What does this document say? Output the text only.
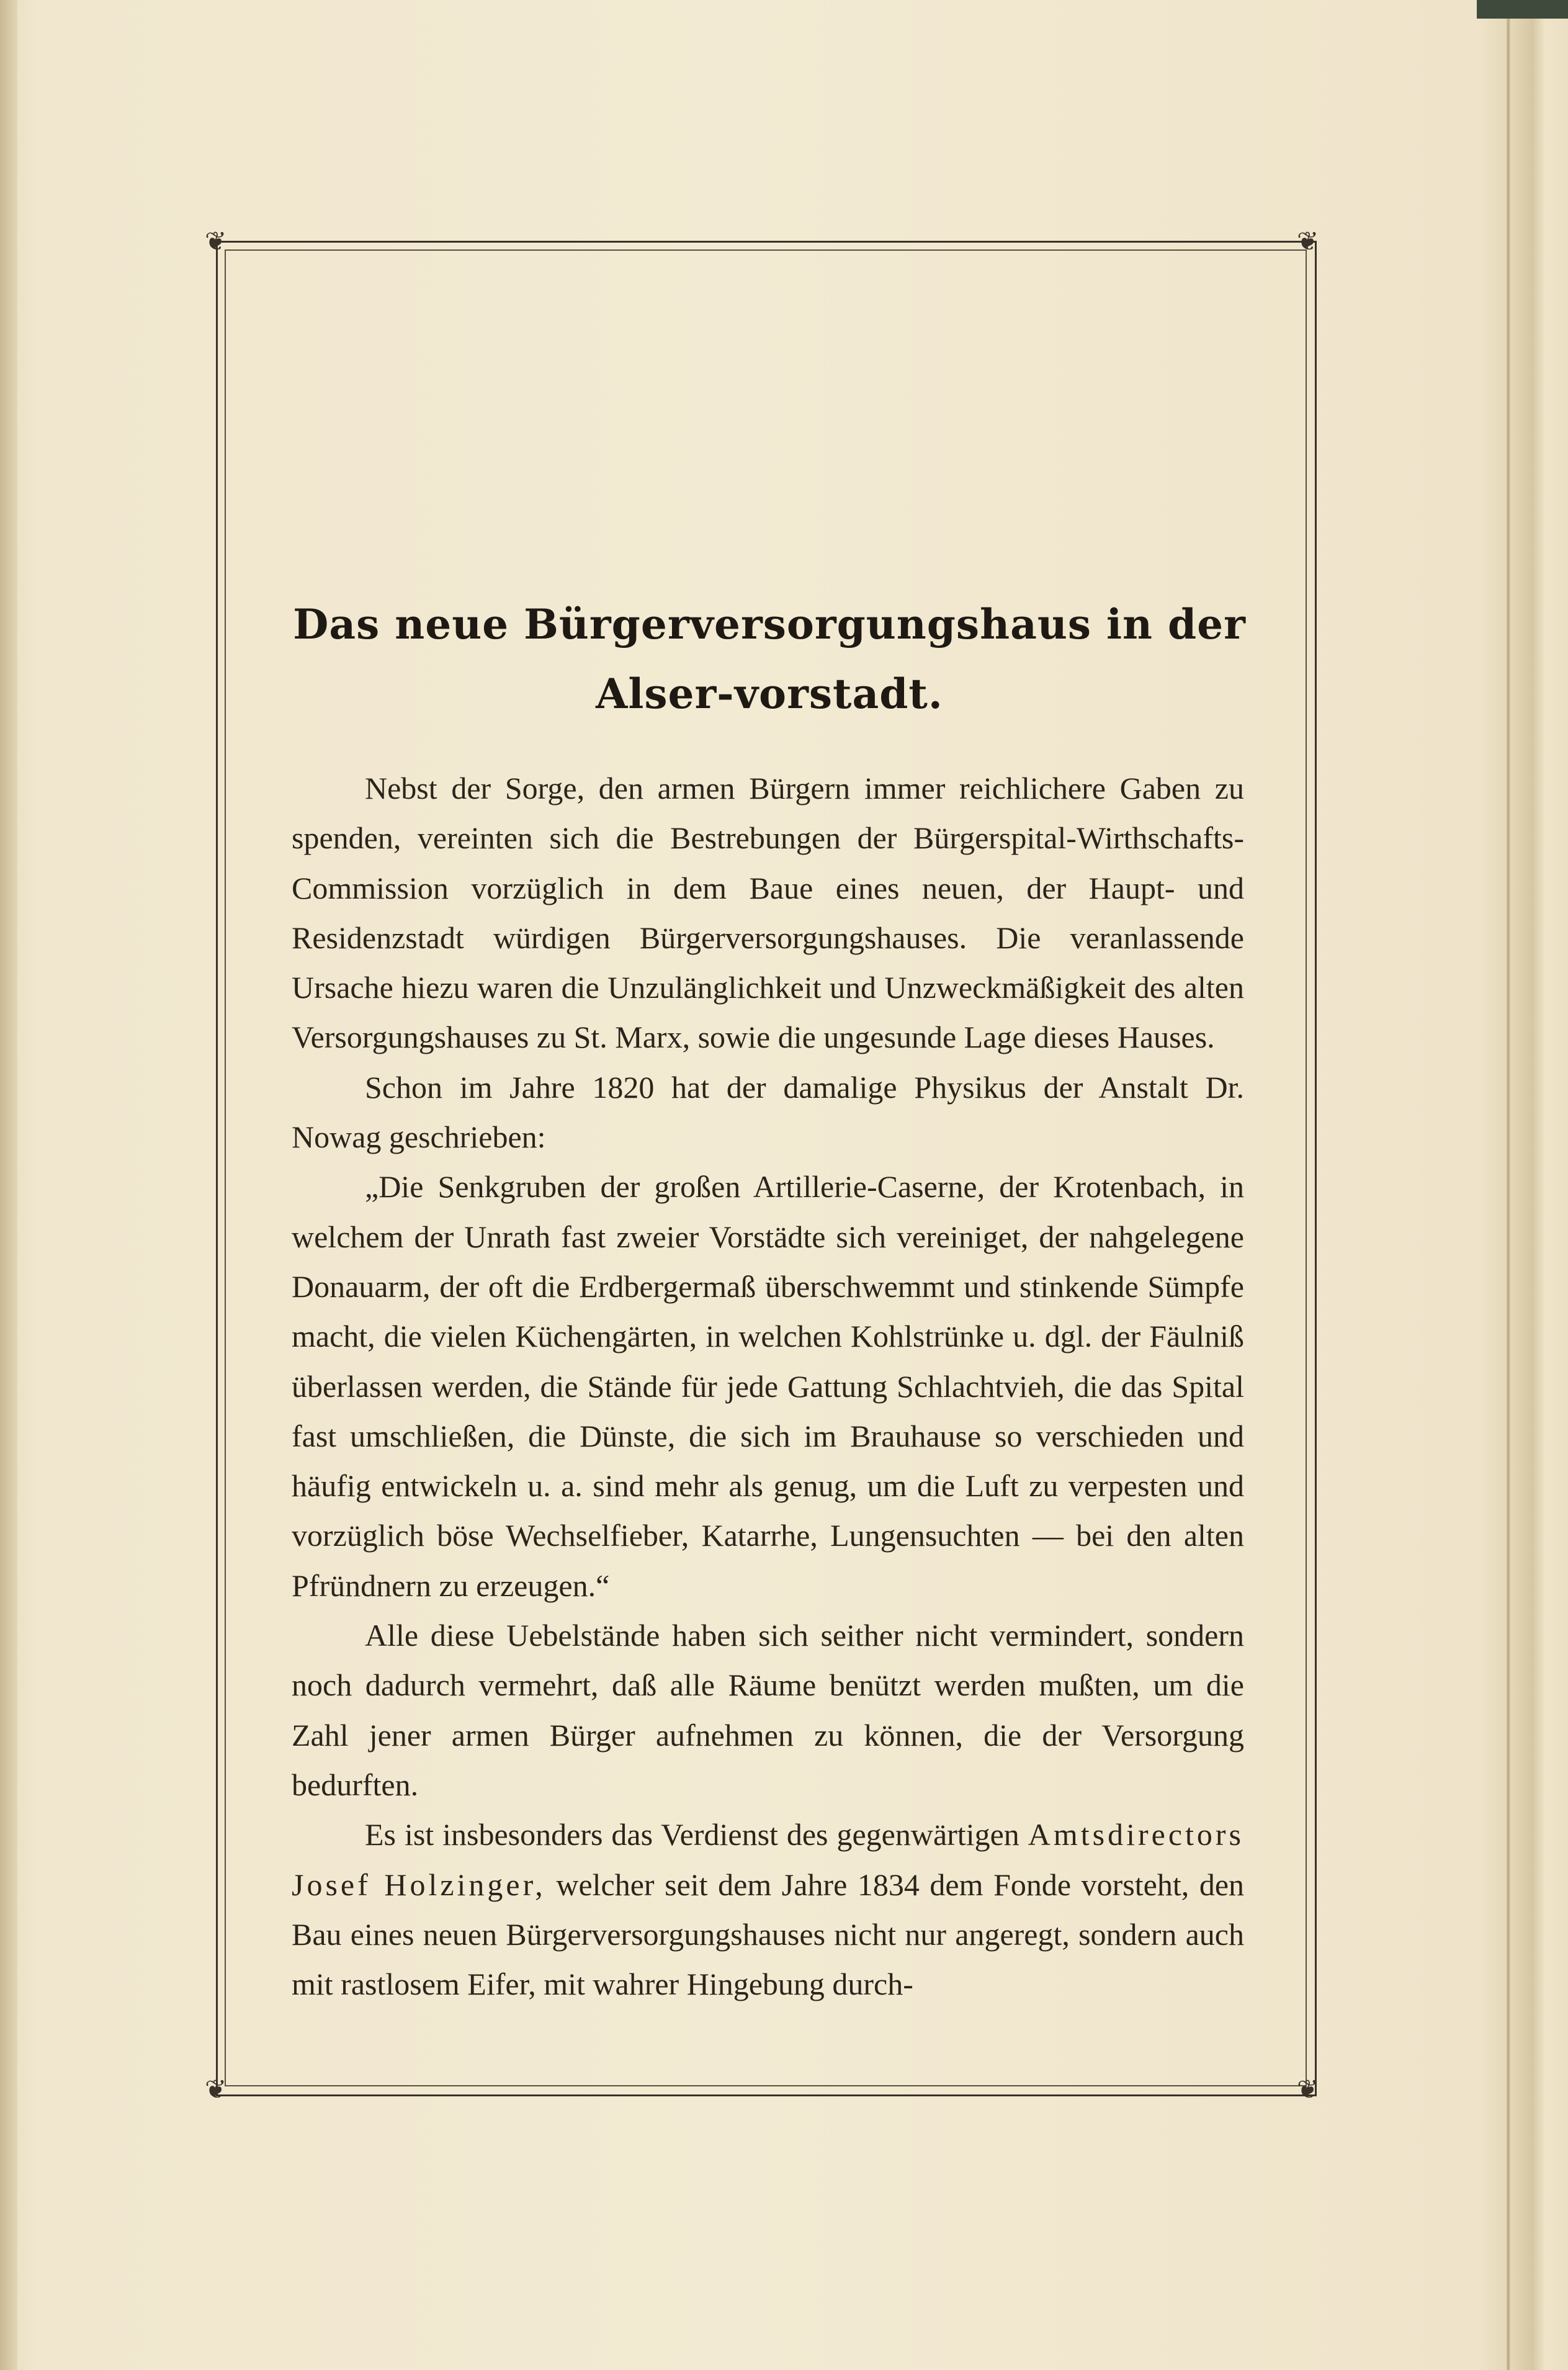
❦	❦
❦	❦
Das neue Bürgerversorgungshaus in der Alser-vorstadt.

Nebst der Sorge, den armen Bürgern immer reichlichere Gaben zu spenden, vereinten sich die Bestrebungen der Bürgerspital-Wirthschafts-Commission vorzüglich in dem Baue eines neuen, der Haupt- und Residenzstadt würdigen Bürgerversorgungshauses. Die veranlassende Ursache hiezu waren die Unzulänglichkeit und Unzweckmäßigkeit des alten Versorgungshauses zu St. Marx, sowie die ungesunde Lage dieses Hauses.

Schon im Jahre 1820 hat der damalige Physikus der Anstalt Dr. Nowag geschrieben:

„Die Senkgruben der großen Artillerie-Caserne, der Krotenbach, in welchem der Unrath fast zweier Vorstädte sich vereiniget, der nahgelegene Donauarm, der oft die Erdbergermaß überschwemmt und stinkende Sümpfe macht, die vielen Küchengärten, in welchen Kohlstrünke u. dgl. der Fäulniß überlassen werden, die Stände für jede Gattung Schlachtvieh, die das Spital fast umschließen, die Dünste, die sich im Brauhause so verschieden und häufig entwickeln u. a. sind mehr als genug, um die Luft zu verpesten und vorzüglich böse Wechselfieber, Katarrhe, Lungensuchten — bei den alten Pfründnern zu erzeugen.“

Alle diese Uebelstände haben sich seither nicht vermindert, sondern noch dadurch vermehrt, daß alle Räume benützt werden mußten, um die Zahl jener armen Bürger aufnehmen zu können, die der Versorgung bedurften.

Es ist insbesonders das Verdienst des gegenwärtigen Amtsdirectors Josef Holzinger, welcher seit dem Jahre 1834 dem Fonde vorsteht, den Bau eines neuen Bürgerversorgungshauses nicht nur angeregt, sondern auch mit rastlosem Eifer, mit wahrer Hingebung durch-
